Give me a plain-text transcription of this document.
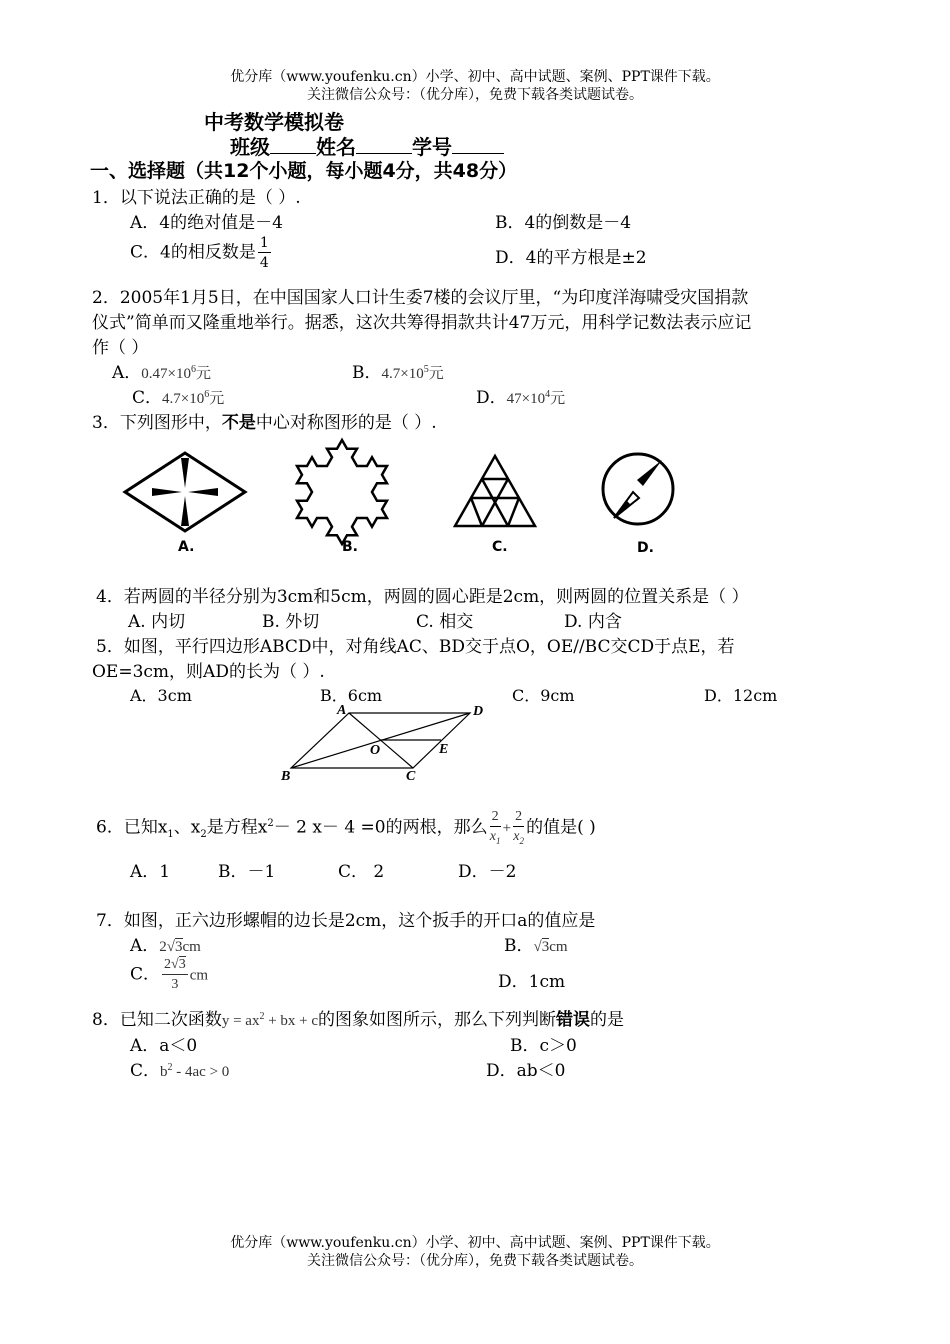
优分库（www.youfenku.cn）小学、初中、高中试题、案例、PPT课件下载。
关注微信公众号：（优分库），免费下载各类试题试卷。
中考数学模拟卷
班级 姓名	学号
一、选择题（共12个小题，每小题4分，共48分）
1．以下说法正确的是（ ）.
A．4的绝对值是－4	B．4的倒数是－4
C．4的相反数是 $\frac{1}{4}$	D．4的平方根是±2
2．2005年1月5日，在中国国家人口计生委7楼的会议厅里，“为印度洋海啸受灾国捐款
仪式”简单而又隆重地举行。据悉，这次共筹得捐款共计47万元，用科学记数法表示应记
作（ ）
A．$0.47\times 10^6$元	B．$4.7\times 10^5$元
C．$4.7\times 10^6$元	D．$47\times 10^4$元
3．下列图形中，不是中心对称图形的是（ ）.
A.	B.	C.	D.
4．若两圆的半径分别为3cm和5cm，两圆的圆心距是2cm，则两圆的位置关系是（ ）
A. 内切	B. 外切	C. 相交	D. 内含
5．如图，平行四边形ABCD中，对角线AC、BD交于点O，OE//BC交CD于点E，若
OE=3cm，则AD的长为（ ）.
A．3cm	B．6cm	C．9cm	D．12cm
A	D
O	E
B	C
6．已知$x_1$、$x_2$是方程$x^2- 2$ x－ 4 =0的两根，那么 $\frac{2}{x_1} + \frac{2}{x_2}$ 的值是( )
A．1	B．－1	C． 2	D．－2
7．如图，正六边形螺帽的边长是2cm，这个扳手的开口a的值应是
A．2√3cm	B．√3cm
C． $\frac{2√3}{3}$ cm	D．1cm
8．已知二次函数$y = ax^2$ + bx + c的图象如图所示，那么下列判断错误的是
A．a＜0	B．c＞0
C．$b^2 - 4ac > 0$	D．ab＜0
优分库（www.youfenku.cn）小学、初中、高中试题、案例、PPT课件下载。
关注微信公众号：（优分库），免费下载各类试题试卷。
